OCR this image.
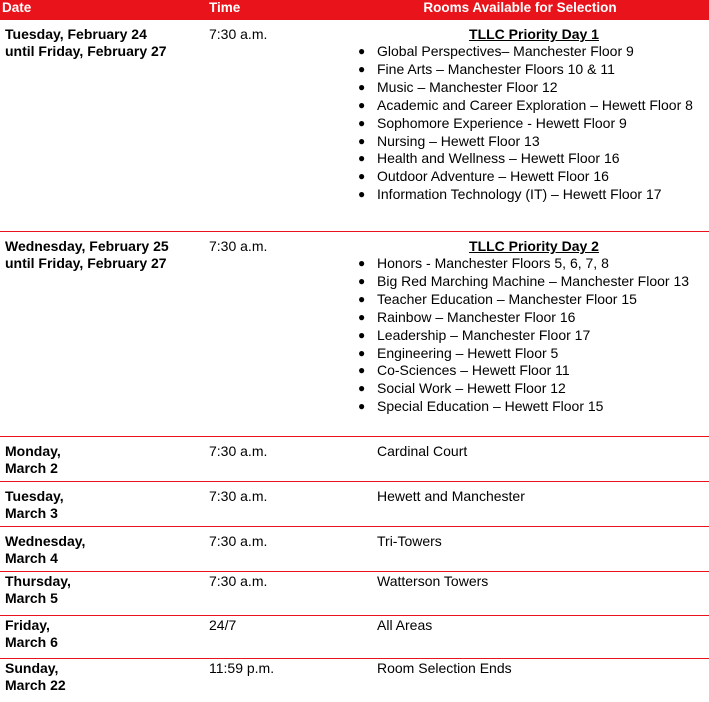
Date	Time	Rooms Available for Selection
Tuesday, February 24
until Friday, February 27
7:30 a.m.	TLLC Priority Day 1
● Global Perspectives– Manchester Floor 9
● Fine Arts – Manchester Floors 10 & 11
● Music – Manchester Floor 12
● Academic and Career Exploration – Hewett Floor 8
● Sophomore Experience - Hewett Floor 9
● Nursing – Hewett Floor 13
● Health and Wellness – Hewett Floor 16
● Outdoor Adventure – Hewett Floor 16
● Information Technology (IT) – Hewett Floor 17
Wednesday, February 25
until Friday, February 27
7:30 a.m.	TLLC Priority Day 2
● Honors - Manchester Floors 5, 6, 7, 8
● Big Red Marching Machine – Manchester Floor 13
● Teacher Education – Manchester Floor 15
● Rainbow – Manchester Floor 16
● Leadership – Manchester Floor 17
● Engineering – Hewett Floor 5
● Co-Sciences – Hewett Floor 11
● Social Work – Hewett Floor 12
● Special Education – Hewett Floor 15
Monday,
March 2
7:30 a.m.	Cardinal Court
Tuesday,
March 3
7:30 a.m.	Hewett and Manchester
Wednesday,
March 4
7:30 a.m.	Tri-Towers
Thursday,
March 5
7:30 a.m.	Watterson Towers
Friday,
March 6
24/7	All Areas
Sunday,
March 22
11:59 p.m.	Room Selection Ends
